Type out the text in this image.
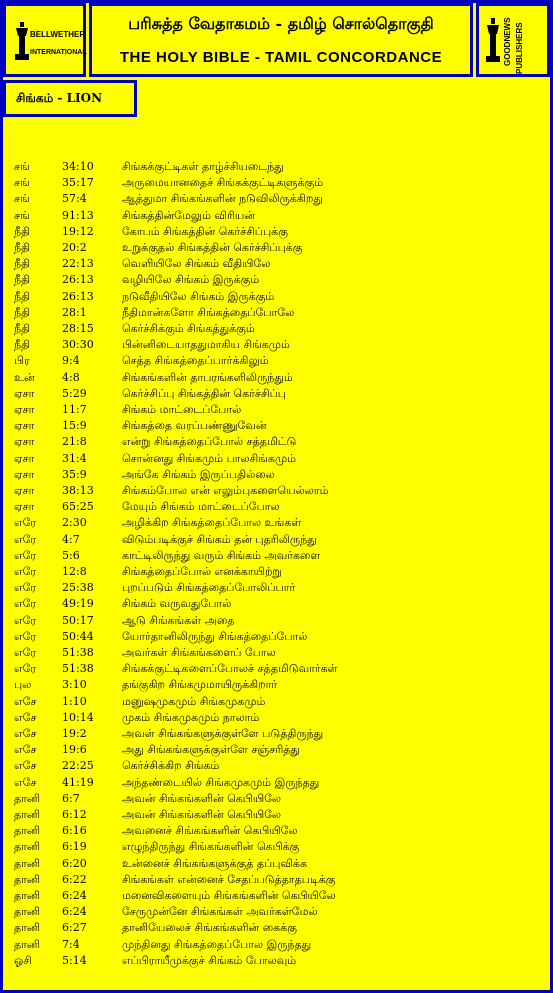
BELLWETHER
INTERNATIONAL
பரிசுத்த வேதாகமம் - தமிழ் சொல்தொகுதி
THE HOLY BIBLE - TAMIL CONCORDANCE	GOODNEWS PUBLISHERS
சிங்கம் - LION
சங்	34:10	சிங்கக்குட்டிகள் தாழ்ச்சியடைந்து
சங்	35:17	அருமையானதைச் சிங்கக்குட்டிகளுக்கும்
சங்	57:4	ஆத்துமா சிங்கங்களின் நடுவிலிருக்கிறது
சங்	91:13	சிங்கத்தின்மேலும் விரியன்
நீதி	19:12	கோபம் சிங்கத்தின் கெர்ச்சிப்புக்கு
நீதி	20:2	உறுக்குதல் சிங்கத்தின் கெர்ச்சிப்புக்கு
நீதி	22:13	வெளியிலே சிங்கம் வீதியிலே
நீதி	26:13	வழியிலே சிங்கம் இருக்கும்
நீதி	26:13	நடுவீதியிலே சிங்கம் இருக்கும்
நீதி	28:1	நீதிமான்களோ சிங்கத்தைப்போலே
நீதி	28:15	கெர்ச்சிக்கும் சிங்கத்துக்கும்
நீதி	30:30	பின்னிடையாததுமாகிய சிங்கமும்
பிர	9:4	செத்த சிங்கத்தைப்பார்க்கிலும்
உன்	4:8	சிங்கங்களின் தாபரங்களிலிருந்தும்
ஏசா	5:29	கெர்ச்சிப்பு சிங்கத்தின் கெர்ச்சிப்பு
ஏசா	11:7	சிங்கம் மாட்டைப்போல்
ஏசா	15:9	சிங்கத்தை வரப்பண்ணுவேன்
ஏசா	21:8	என்று சிங்கத்தைப்போல் சத்தமிட்டு
ஏசா	31:4	சொன்னது சிங்கமும் பாலசிங்கமும்
ஏசா	35:9	அங்கே சிங்கம் இருப்பதில்லை
ஏசா	38:13	சிங்கம்போல என் எலும்புகளையெல்லாம்
ஏசா	65:25	மேயும் சிங்கம் மாட்டைப்போல
எரே	2:30	அழிக்கிற சிங்கத்தைப்போல உங்கள்
எரே	4:7	விடும்படிக்குச் சிங்கம் தன் புதரிலிருந்து
எரே	5:6	காட்டிலிருந்து வரும் சிங்கம் அவர்களை
எரே	12:8	சிங்கத்தைப்போல் எனக்காயிற்று
எரே	25:38	புறப்படும் சிங்கத்தைப்போலிப்பார்
எரே	49:19	சிங்கம் வருவதுபோல்
எரே	50:17	ஆடு சிங்கங்கள் அதை
எரே	50:44	யோர்தானிலிருந்து சிங்கத்தைப்போல்
எரே	51:38	அவர்கள் சிங்கங்களைப் போல
எரே	51:38	சிங்கக்குட்டிகளைப்போலச் சத்தமிடுவார்கள்
புல	3:10	தங்குகிற சிங்கமுமாயிருக்கிறார்
எசே	1:10	மனுஷமுகமும் சிங்கமுகமும்
எசே	10:14	முகம் சிங்கமுகமும் நாலாம்
எசே	19:2	அவள் சிங்கங்களுக்குள்ளே படுத்திருந்து
எசே	19:6	அது சிங்கங்களுக்குள்ளே சஞ்சரித்து
எசே	22:25	கெர்ச்சிக்கிற சிங்கம்
எசே	41:19	அந்தண்டையில் சிங்கமுகமும் இருந்தது
தானி	6:7	அவன் சிங்கங்களின் கெபியிலே
தானி	6:12	அவன் சிங்கங்களின் கெபியிலே
தானி	6:16	அவனைச் சிங்கங்களின் கெபியிலே
தானி	6:19	எழுந்திருந்து சிங்கங்களின் கெபிக்கு
தானி	6:20	உன்னைச் சிங்கங்களுக்குத் தப்புவிக்க
தானி	6:22	சிங்கங்கள் என்னைச் சேதப்படுத்தாதபடிக்கு
தானி	6:24	மனைவிகளையும் சிங்கங்களின் கெபியிலே
தானி	6:24	சேருமுன்னே சிங்கங்கள் அவர்கள்மேல்
தானி	6:27	தானியேலைச் சிங்கங்களின் கைக்கு
தானி	7:4	முந்தினது சிங்கத்தைப்போல இருந்தது
ஓசி	5:14	எப்பிராயீமுக்குச் சிங்கம் போலவும்
